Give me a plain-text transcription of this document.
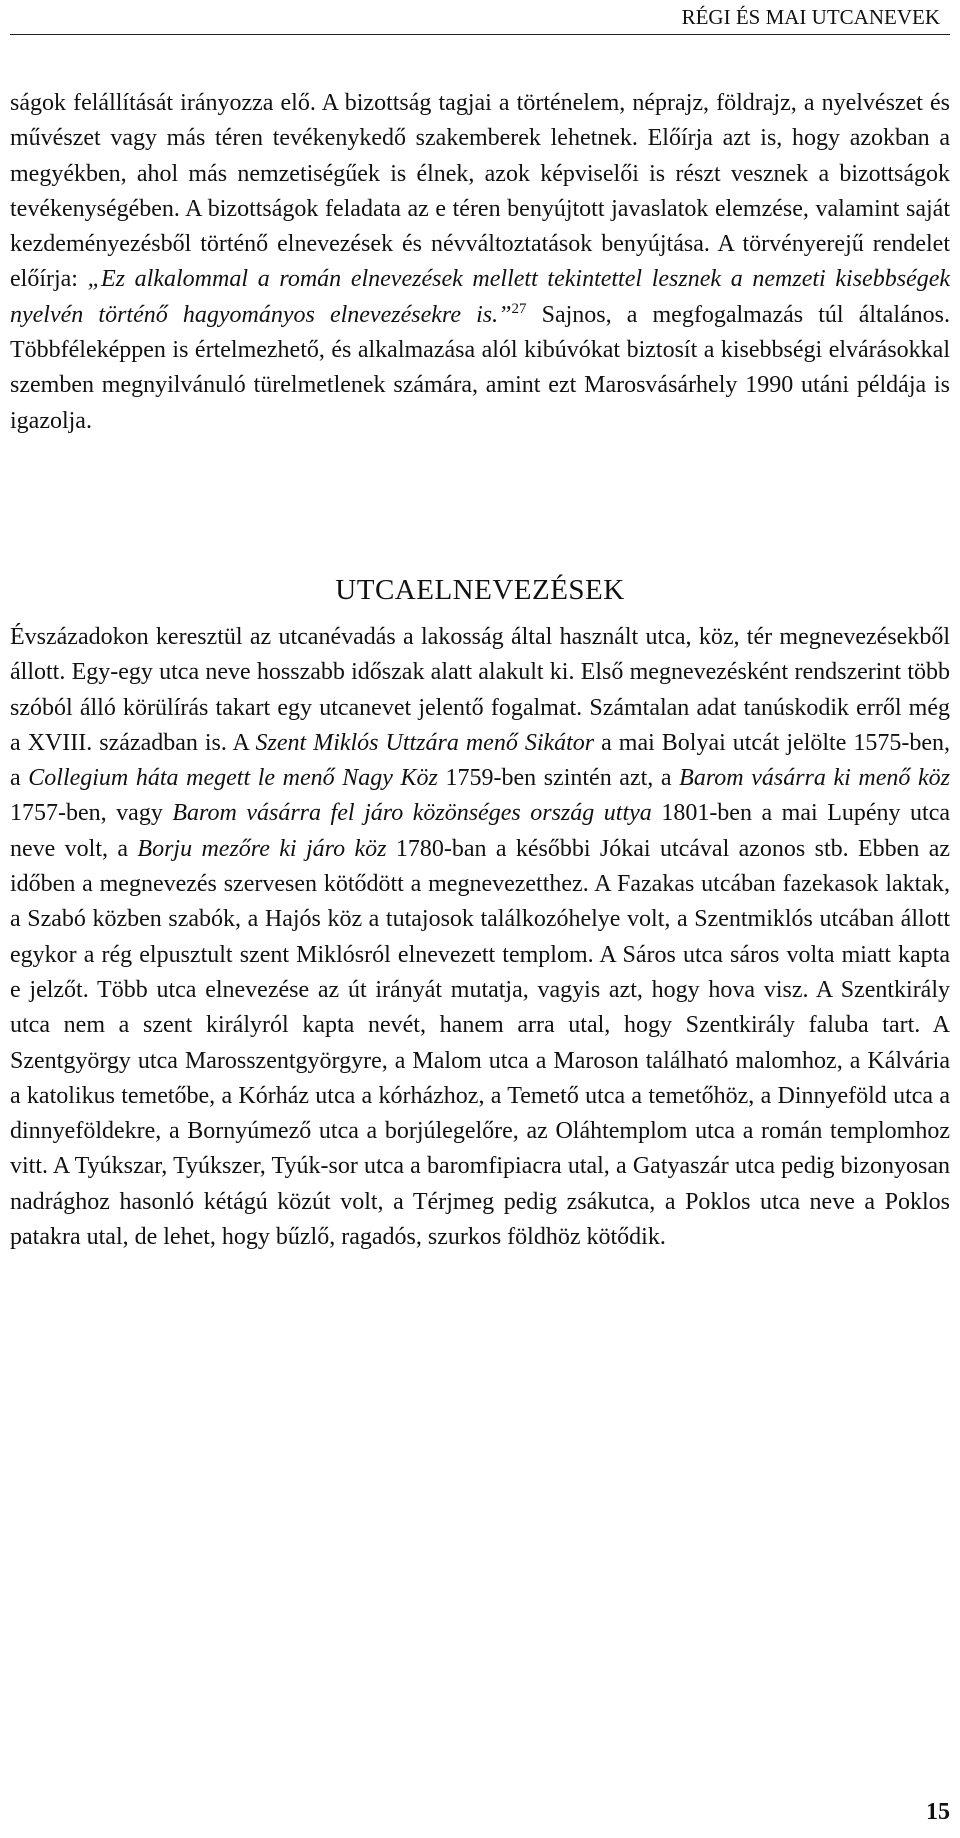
RÉGI ÉS MAI UTCANEVEK

ságok felállítását irányozza elő. A bizottság tagjai a történelem, néprajz, földrajz, a nyelvészet és művészet vagy más téren tevékenykedő szakemberek lehetnek. Előírja azt is, hogy azokban a megyékben, ahol más nemzetiségűek is élnek, azok képviselői is részt vesznek a bizottságok tevékenységében. A bizottságok feladata az e téren benyújtott javaslatok elemzése, valamint saját kezdeményezésből történő elnevezések és névváltoztatások benyújtása. A törvényerejű rendelet előírja: „Ez alkalommal a román elnevezések mellett tekintettel lesznek a nemzeti kisebbségek nyelvén történő hagyományos elnevezésekre is.”$^{27}$ Sajnos, a megfogalmazás túl általános. Többféleképpen is értelmezhető, és alkalmazása alól kibúvókat biztosít a kisebbségi elvárásokkal szemben megnyilvánuló türelmetlenek számára, amint ezt Marosvásárhely 1990 utáni példája is igazolja.

UTCAELNEVEZÉSEK

Évszázadokon keresztül az utcanévadás a lakosság által használt utca, köz, tér megnevezésekből állott. Egy-egy utca neve hosszabb időszak alatt alakult ki. Első megnevezésként rendszerint több szóból álló körülírás takart egy utcanevet jelentő fogalmat. Számtalan adat tanúskodik erről még a XVIII. században is. A Szent Miklós Uttzára menő Sikátor a mai Bolyai utcát jelölte 1575-ben, a Collegium háta megett le menő Nagy Köz 1759-ben szintén azt, a Barom vásárra ki menő köz 1757-ben, vagy Barom vásárra fel járo közönséges ország uttya 1801-ben a mai Lupény utca neve volt, a Borju mezőre ki járo köz 1780-ban a későbbi Jókai utcával azonos stb. Ebben az időben a megnevezés szervesen kötődött a megnevezetthez. A Fazakas utcában fazekasok laktak, a Szabó közben szabók, a Hajós köz a tutajosok találkozóhelye volt, a Szentmiklós utcában állott egykor a rég elpusztult szent Miklósról elnevezett templom. A Sáros utca sáros volta miatt kapta e jelzőt. Több utca elnevezése az út irányát mutatja, vagyis azt, hogy hova visz. A Szentkirály utca nem a szent királyról kapta nevét, hanem arra utal, hogy Szentkirály faluba tart. A Szentgyörgy utca Marosszentgyörgyre, a Malom utca a Maroson található malomhoz, a Kálvária a katolikus temetőbe, a Kórház utca a kórházhoz, a Temető utca a temetőhöz, a Dinnyeföld utca a dinnyeföldekre, a Bornyúmező utca a borjúlegelőre, az Oláhtemplom utca a román templomhoz vitt. A Tyúkszar, Tyúkszer, Tyúk-sor utca a baromfipiacra utal, a Gatyaszár utca pedig bizonyosan nadrághoz hasonló kétágú közút volt, a Térjmeg pedig zsákutca, a Poklos utca neve a Poklos patakra utal, de lehet, hogy bűzlő, ragadós, szurkos földhöz kötődik.

15
